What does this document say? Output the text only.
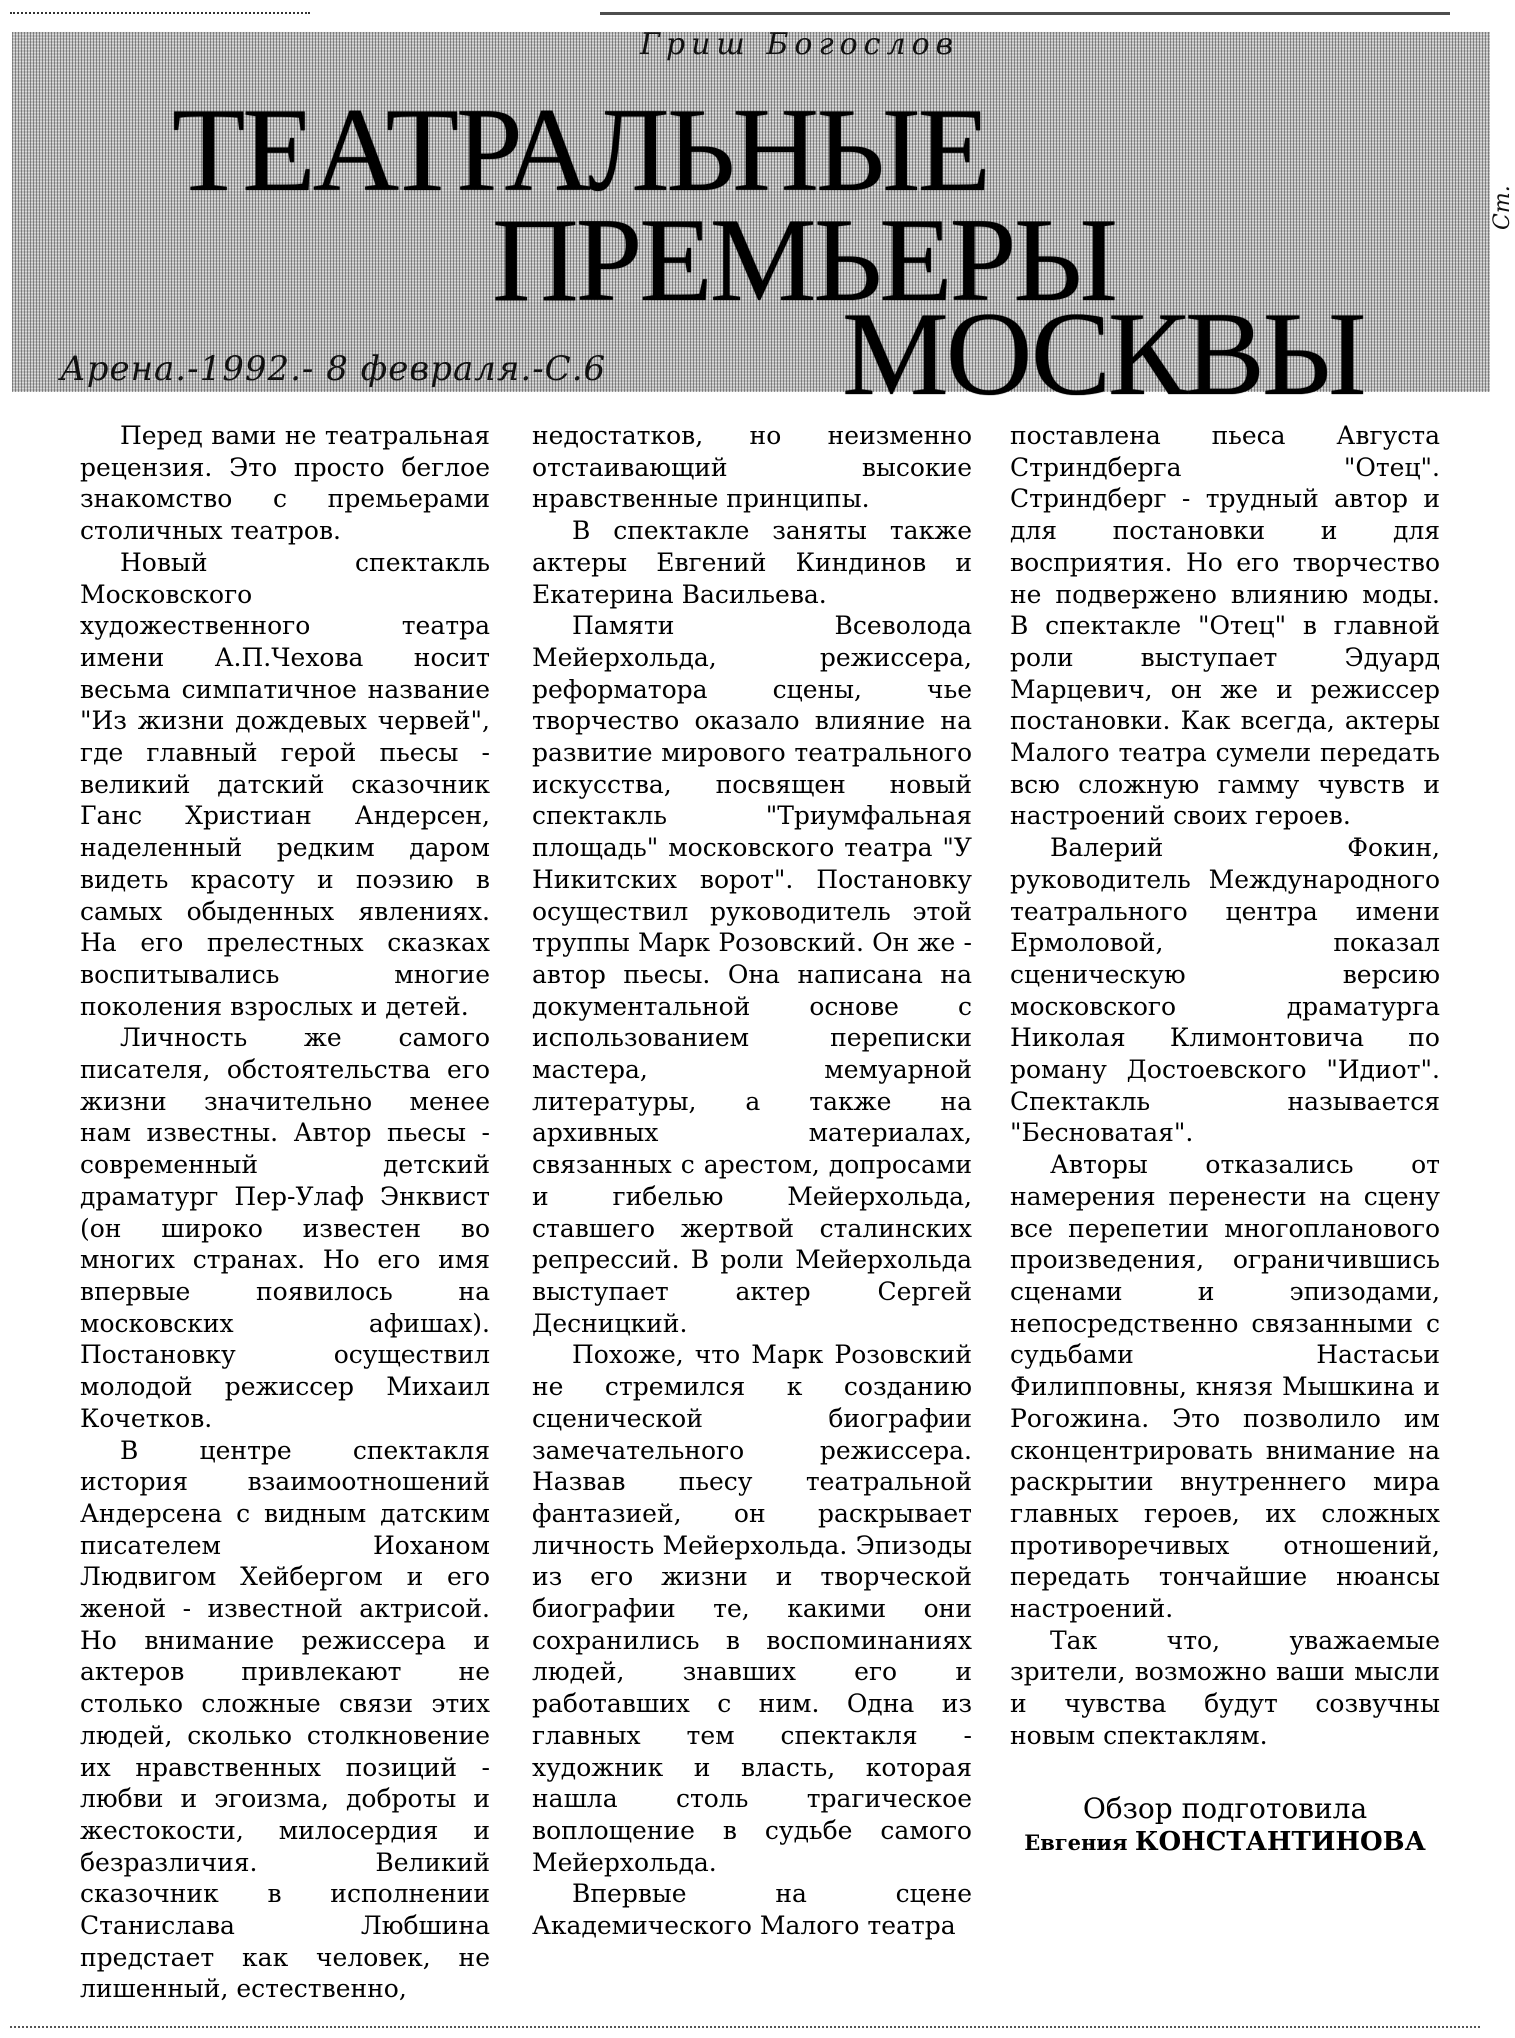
ТЕАТРАЛЬНЫЕ
ПРЕМЬЕРЫ
МОСКВЫ
Гриш Богослов
Арена.-1992.- 8 февраля.-С.6
Ст.

Перед вами не театральная рецензия. Это просто беглое знакомство с премьерами столичных театров.

Новый спектакль Московского художественного театра имени А.П.Чехова носит весьма симпатичное название "Из жизни дождевых червей", где главный герой пьесы - великий датский сказочник Ганс Христиан Андерсен, наделенный редким даром видеть красоту и поэзию в самых обыденных явлениях. На его прелестных сказках воспитывались многие поколения взрослых и детей.

Личность же самого писателя, обстоятельства его жизни значительно менее нам известны. Автор пьесы - современный детский драматург Пер-Улаф Энквист (он широко известен во многих странах. Но его имя впервые появилось на московских афишах). Постановку осуществил молодой режиссер Михаил Кочетков.

В центре спектакля история взаимоотношений Андерсена с видным датским писателем Иоханом Людвигом Хейбергом и его женой - известной актрисой. Но внимание режиссера и актеров привлекают не столько сложные связи этих людей, сколько столкновение их нравственных позиций - любви и эгоизма, доброты и жестокости, милосердия и безразличия. Великий сказочник в исполнении Станислава Любшина предстает как человек, не лишенный, естественно,

недостатков, но неизменно отстаивающий высокие нравственные принципы.

В спектакле заняты также актеры Евгений Киндинов и Екатерина Васильева.

Памяти Всеволода Мейерхольда, режиссера, реформатора сцены, чье творчество оказало влияние на развитие мирового театрального искусства, посвящен новый спектакль "Триумфальная площадь" московского театра "У Никитских ворот". Постановку осуществил руководитель этой труппы Марк Розовский. Он же - автор пьесы. Она написана на документальной основе с использованием переписки мастера, мемуарной литературы, а также на архивных материалах, связанных с арестом, допросами и гибелью Мейерхольда, ставшего жертвой сталинских репрессий. В роли Мейерхольда выступает актер Сергей Десницкий.

Похоже, что Марк Розовский не стремился к созданию сценической биографии замечательного режиссера. Назвав пьесу театральной фантазией, он раскрывает личность Мейерхольда. Эпизоды из его жизни и творческой биографии те, какими они сохранились в воспоминаниях людей, знавших его и работавших с ним. Одна из главных тем спектакля - художник и власть, которая нашла столь трагическое воплощение в судьбе самого Мейерхольда.

Впервые на сцене Академического Малого театра

поставлена пьеса Августа Стриндберга "Отец". Стриндберг - трудный автор и для постановки и для восприятия. Но его творчество не подвержено влиянию моды. В спектакле "Отец" в главной роли выступает Эдуард Марцевич, он же и режиссер постановки. Как всегда, актеры Малого театра сумели передать всю сложную гамму чувств и настроений своих героев.

Валерий Фокин, руководитель Международного театрального центра имени Ермоловой, показал сценическую версию московского драматурга Николая Климонтовича по роману Достоевского "Идиот". Спектакль называется "Бесноватая".

Авторы отказались от намерения перенести на сцену все перепетии многопланового произведения, ограничившись сценами и эпизодами, непосредственно связанными с судьбами Настасьи Филипповны, князя Мышкина и Рогожина. Это позволило им сконцентрировать внимание на раскрытии внутреннего мира главных героев, их сложных противоречивых отношений, передать тончайшие нюансы настроений.

Так что, уважаемые зрители, возможно ваши мысли и чувства будут созвучны новым спектаклям.

Обзор подготовила
Евгения КОНСТАНТИНОВА
